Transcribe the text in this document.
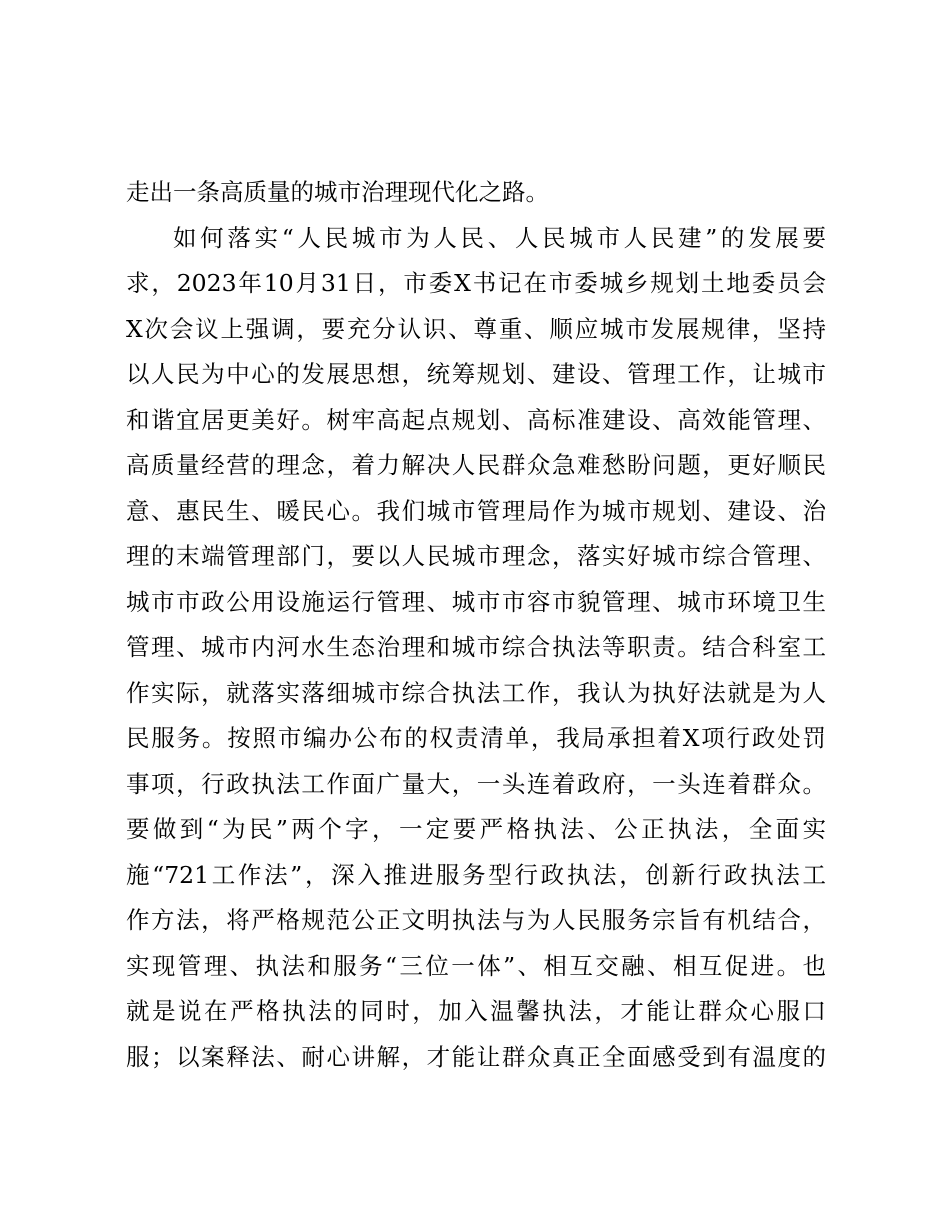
走出一条高质量的城市治理现代化之路。
如何落实“人民城市为人民、人民城市人民建”的发展要
求，2023年10月31日，市委X书记在市委城乡规划土地委员会
X次会议上强调，要充分认识、尊重、顺应城市发展规律，坚持
以人民为中心的发展思想，统筹规划、建设、管理工作，让城市
和谐宜居更美好。树牢高起点规划、高标准建设、高效能管理、
高质量经营的理念，着力解决人民群众急难愁盼问题，更好顺民
意、惠民生、暖民心。我们城市管理局作为城市规划、建设、治
理的末端管理部门，要以人民城市理念，落实好城市综合管理、
城市市政公用设施运行管理、城市市容市貌管理、城市环境卫生
管理、城市内河水生态治理和城市综合执法等职责。结合科室工
作实际，就落实落细城市综合执法工作，我认为执好法就是为人
民服务。按照市编办公布的权责清单，我局承担着X项行政处罚
事项，行政执法工作面广量大，一头连着政府，一头连着群众。
要做到“为民”两个字，一定要严格执法、公正执法，全面实
施“721工作法”，深入推进服务型行政执法，创新行政执法工
作方法，将严格规范公正文明执法与为人民服务宗旨有机结合，
实现管理、执法和服务“三位一体”、相互交融、相互促进。也
就是说在严格执法的同时，加入温馨执法，才能让群众心服口
服；以案释法、耐心讲解，才能让群众真正全面感受到有温度的
